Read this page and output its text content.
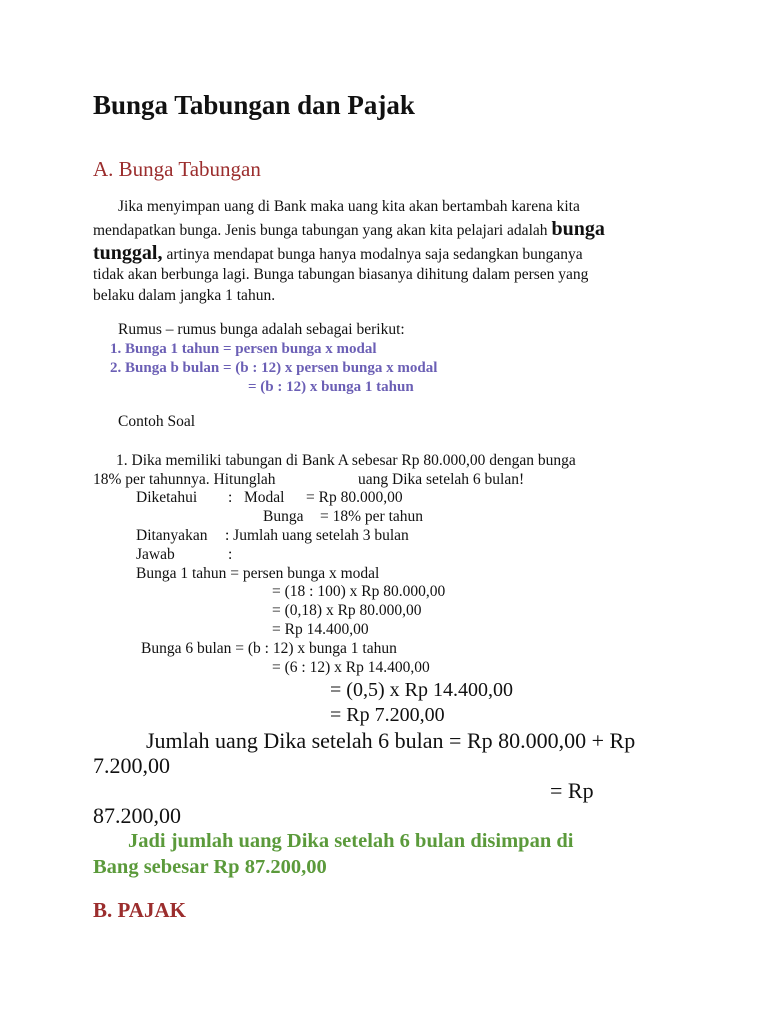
Bunga Tabungan dan Pajak
A. Bunga Tabungan
Jika menyimpan uang di Bank maka uang kita akan bertambah karena kita
mendapatkan bunga. Jenis bunga tabungan yang akan kita pelajari adalah bunga
tunggal, artinya mendapat bunga hanya modalnya saja sedangkan bunganya
tidak akan berbunga lagi. Bunga tabungan biasanya dihitung dalam persen yang
belaku dalam jangka 1 tahun.
Rumus – rumus bunga adalah sebagai berikut:
1. Bunga 1 tahun = persen bunga x modal
2. Bunga b bulan = (b : 12) x persen bunga x modal
= (b : 12) x bunga 1 tahun
Contoh Soal
1. Dika memiliki tabungan di Bank A sebesar Rp 80.000,00 dengan bunga
18% per tahunnya. Hitunglah	uang Dika setelah 6 bulan!
Diketahui : Modal = Rp 80.000,00
Bunga = 18% per tahun
Ditanyakan : Jumlah uang setelah 3 bulan
Jawab	:
Bunga 1 tahun = persen bunga x modal
= (18 : 100) x Rp 80.000,00
= (0,18) x Rp 80.000,00
= Rp 14.400,00
Bunga 6 bulan = (b : 12) x bunga 1 tahun
= (6 : 12) x Rp 14.400,00
= (0,5) x Rp 14.400,00
= Rp 7.200,00
Jumlah uang Dika setelah 6 bulan = Rp 80.000,00 + Rp
7.200,00
= Rp
87.200,00
Jadi jumlah uang Dika setelah 6 bulan disimpan di
Bang sebesar Rp 87.200,00
B. PAJAK
